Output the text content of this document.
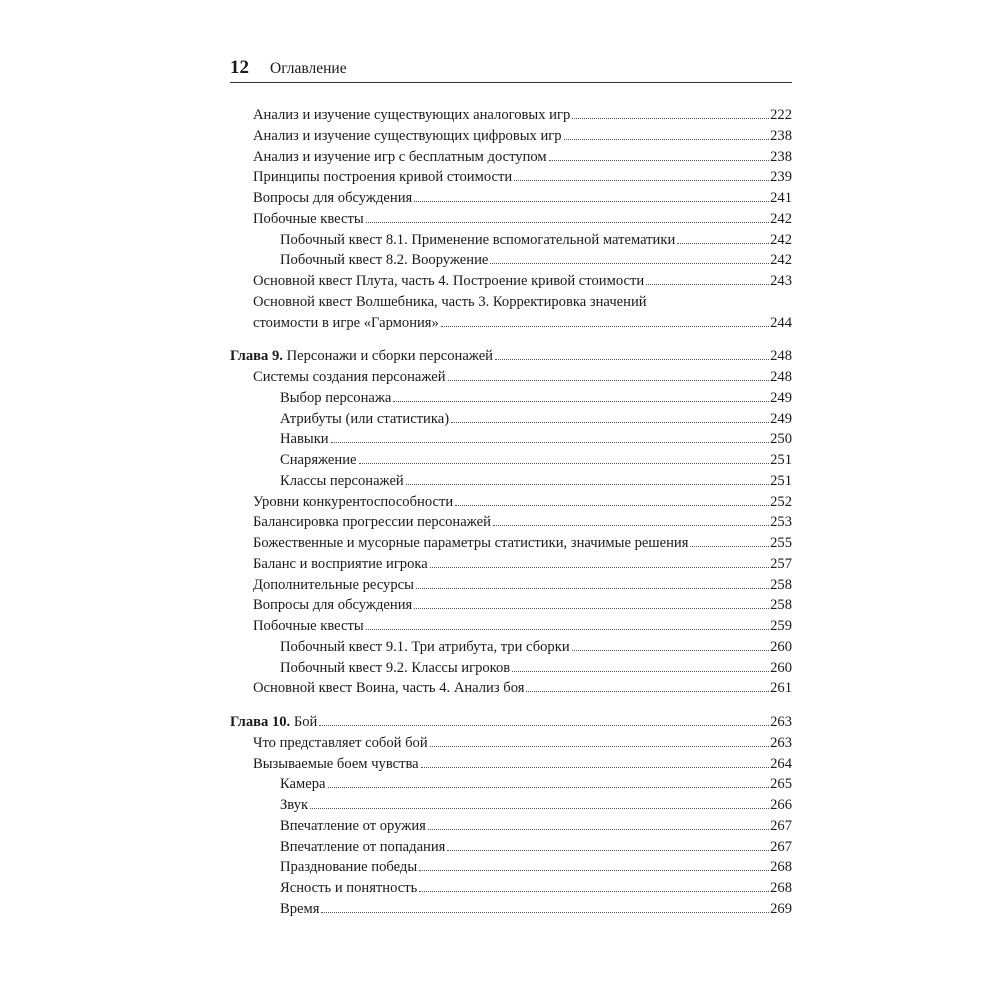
12 Оглавление
Анализ и изучение существующих аналоговых игр	222
Анализ и изучение существующих цифровых игр	238
Анализ и изучение игр с бесплатным доступом	238
Принципы построения кривой стоимости	239
Вопросы для обсуждения	241
Побочные квесты	242
Побочный квест 8.1. Применение вспомогательной математики	242
Побочный квест 8.2. Вооружение	242
Основной квест Плута, часть 4. Построение кривой стоимости	243
Основной квест Волшебника, часть 3. Корректировка значений
стоимости в игре «Гармония»	244
Глава 9. Персонажи и сборки персонажей	248
Системы создания персонажей	248
Выбор персонажа	249
Атрибуты (или статистика)	249
Навыки	250
Снаряжение	251
Классы персонажей	251
Уровни конкурентоспособности	252
Балансировка прогрессии персонажей	253
Божественные и мусорные параметры статистики, значимые решения	255
Баланс и восприятие игрока	257
Дополнительные ресурсы	258
Вопросы для обсуждения	258
Побочные квесты	259
Побочный квест 9.1. Три атрибута, три сборки	260
Побочный квест 9.2. Классы игроков	260
Основной квест Воина, часть 4. Анализ боя	261
Глава 10. Бой	263
Что представляет собой бой	263
Вызываемые боем чувства	264
Камера	265
Звук	266
Впечатление от оружия	267
Впечатление от попадания	267
Празднование победы	268
Ясность и понятность	268
Время	269
